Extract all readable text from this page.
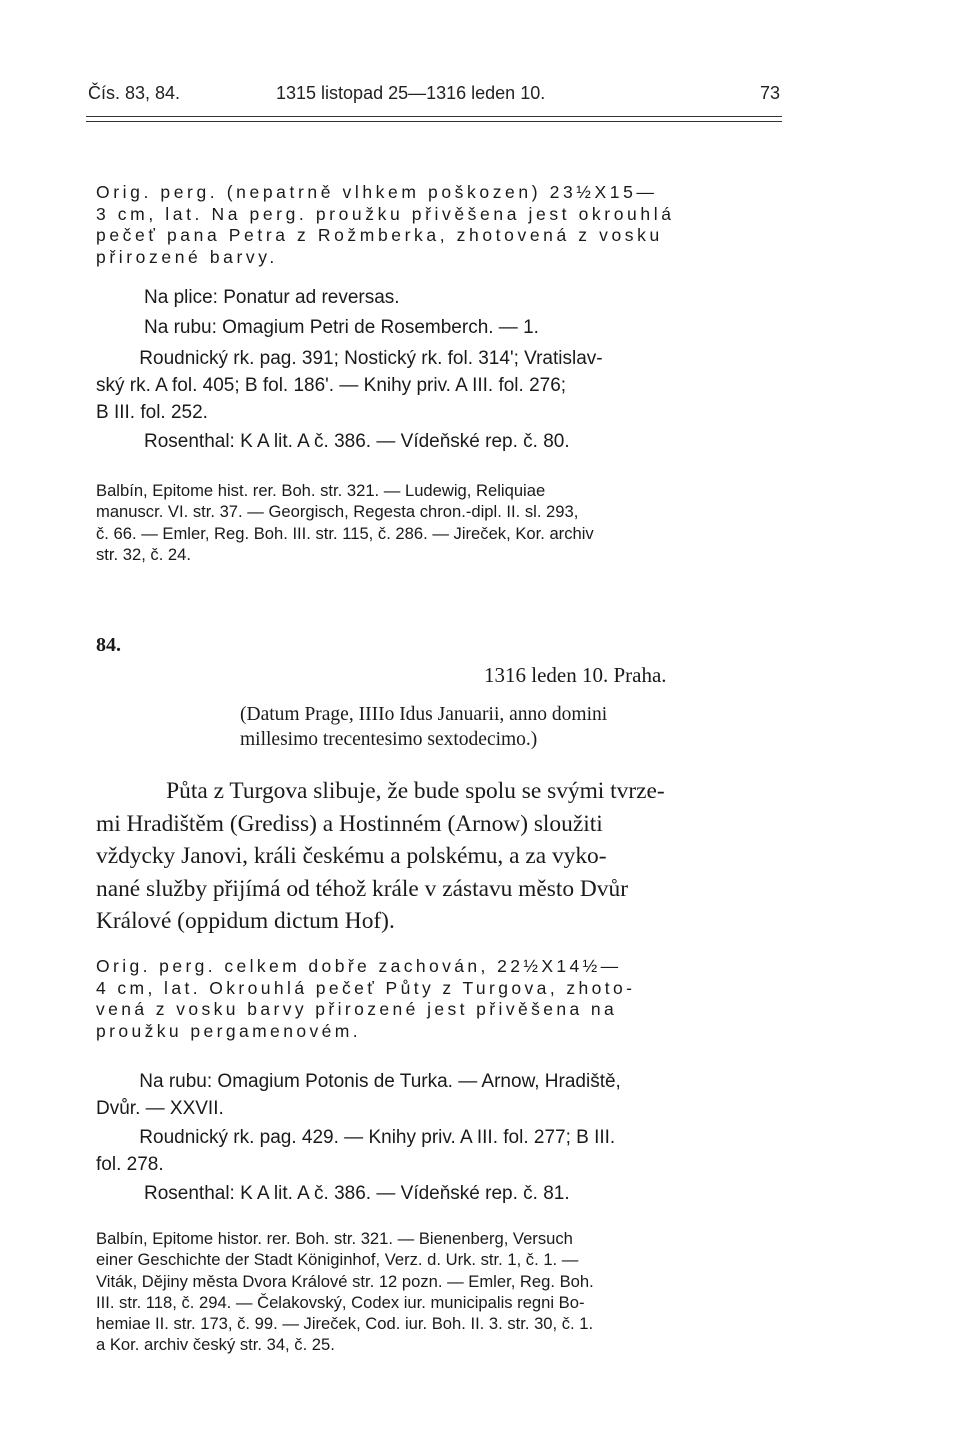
Čís. 83, 84.	1315 listopad 25—1316 leden 10.	73
Orig. perg. (nepatrně vlhkem poškozen) 23½X15—
3 cm, lat. Na perg. proužku přivěšena jest okrouhlá
pečeť pana Petra z Rožmberka, zhotovená z vosku
přirozené barvy.
Na plice: Ponatur ad reversas.
Na rubu: Omagium Petri de Rosemberch. — 1.
   Roudnický rk. pag. 391; Nostický rk. fol. 314'; Vratislav-
ský rk. A fol. 405; B fol. 186'. — Knihy priv. A III. fol. 276;
B III. fol. 252.
Rosenthal: K A lit. A č. 386. — Vídeňské rep. č. 80.
Balbín, Epitome hist. rer. Boh. str. 321. — Ludewig, Reliquiae
manuscr. VI. str. 37. — Georgisch, Regesta chron.-dipl. II. sl. 293,
č. 66. — Emler, Reg. Boh. III. str. 115, č. 286. — Jireček, Kor. archiv
str. 32, č. 24.
84.
1316 leden 10. Praha.
(Datum Prage, IIIIo Idus Januarii, anno domini
millesimo trecentesimo sextodecimo.)
   Půta z Turgova slibuje, že bude spolu se svými tvrze-
mi Hradištěm (Grediss) a Hostinném (Arnow) sloužiti
vždycky Janovi, králi českému a polskému, a za vyko-
nané služby přijímá od téhož krále v zástavu město Dvůr
Králové (oppidum dictum Hof).
Orig. perg. celkem dobře zachován, 22½X14½—
4 cm, lat. Okrouhlá pečeť Půty z Turgova, zhoto-
vená z vosku barvy přirozené jest přivěšena na
proužku pergamenovém.
   Na rubu: Omagium Potonis de Turka. — Arnow, Hradiště,
Dvůr. — XXVII.
   Roudnický rk. pag. 429. — Knihy priv. A III. fol. 277; B III.
fol. 278.
Rosenthal: K A lit. A č. 386. — Vídeňské rep. č. 81.
Balbín, Epitome histor. rer. Boh. str. 321. — Bienenberg, Versuch
einer Geschichte der Stadt Königinhof, Verz. d. Urk. str. 1, č. 1. —
Viták, Dějiny města Dvora Králové str. 12 pozn. — Emler, Reg. Boh.
III. str. 118, č. 294. — Čelakovský, Codex iur. municipalis regni Bo-
hemiae II. str. 173, č. 99. — Jireček, Cod. iur. Boh. II. 3. str. 30, č. 1.
a Kor. archiv český str. 34, č. 25.
